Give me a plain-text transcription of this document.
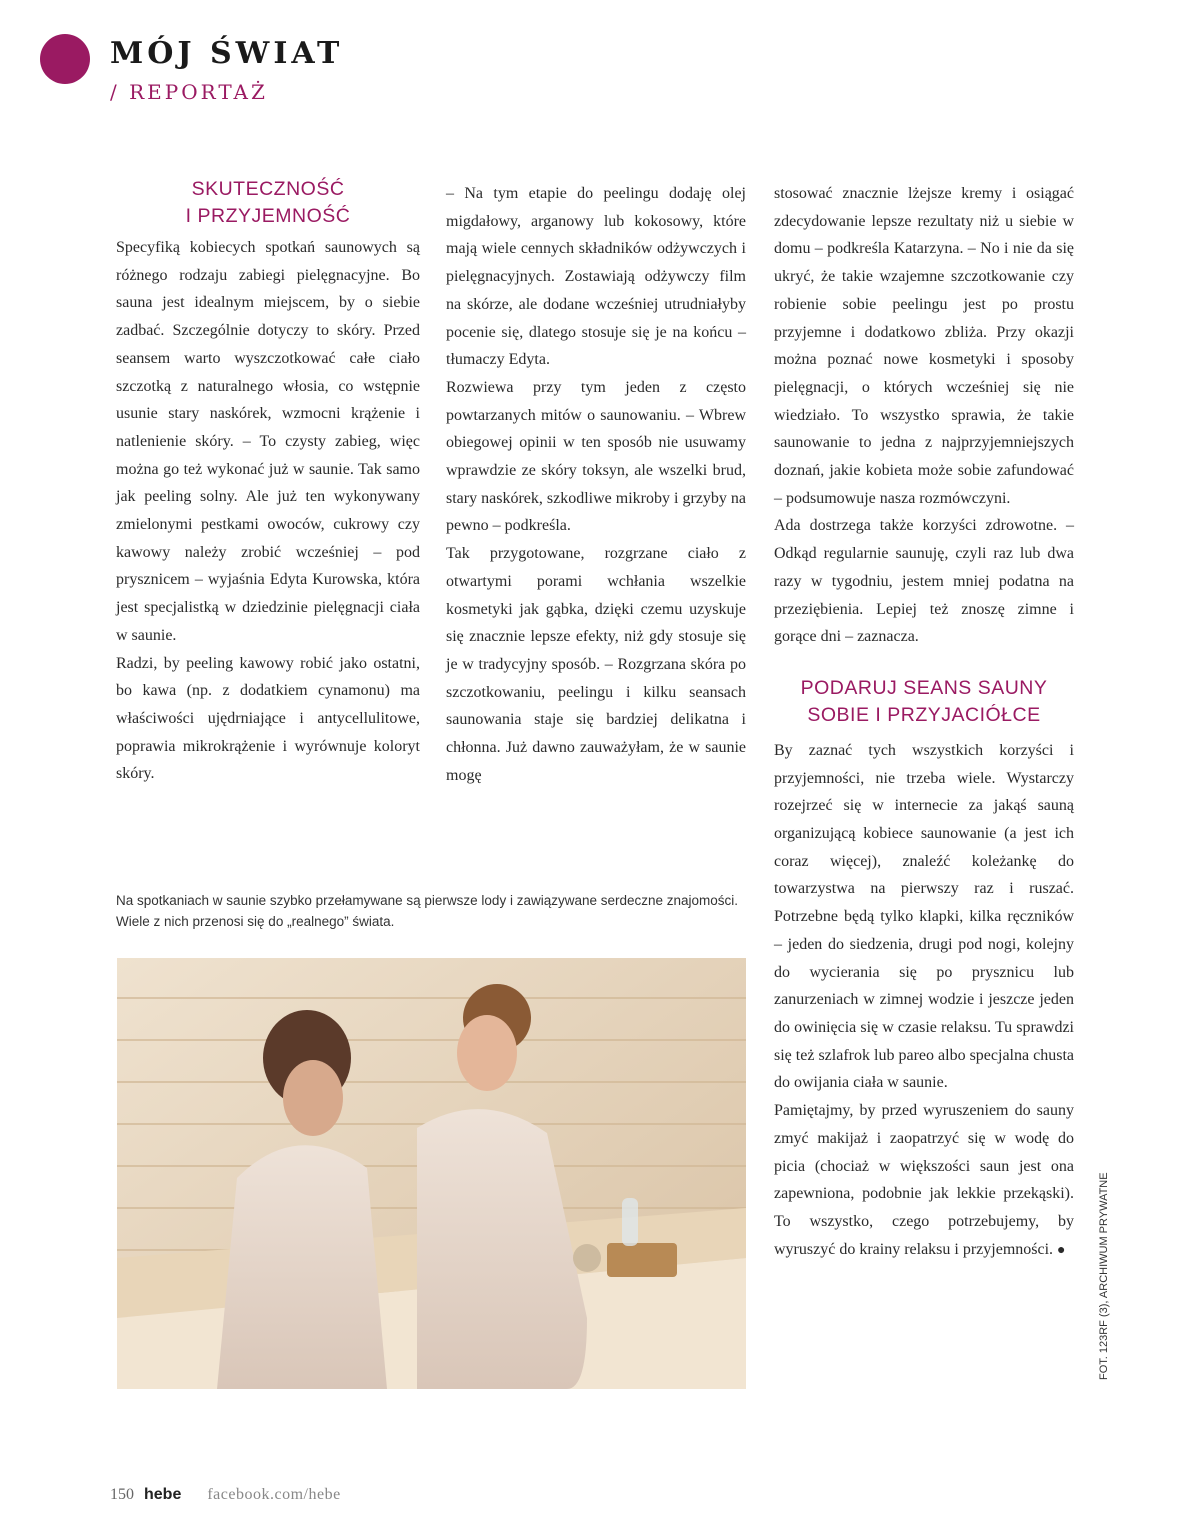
MÓJ ŚWIAT
/ REPORTAŻ
SKUTECZNOŚĆ
I PRZYJEMNOŚĆ

Specyfiką kobiecych spotkań saunowych są różnego rodzaju zabiegi pielęgnacyjne. Bo sauna jest idealnym miejscem, by o siebie zadbać. Szczególnie dotyczy to skóry. Przed seansem warto wyszczotkować całe ciało szczotką z naturalnego włosia, co wstępnie usunie stary naskórek, wzmocni krążenie i natlenienie skóry. – To czysty zabieg, więc można go też wykonać już w saunie. Tak samo jak peeling solny. Ale już ten wykonywany zmielonymi pestkami owoców, cukrowy czy kawowy należy zrobić wcześniej – pod prysznicem – wyjaśnia Edyta Kurowska, która jest specjalistką w dziedzinie pielęgnacji ciała w saunie.

Radzi, by peeling kawowy robić jako ostatni, bo kawa (np. z dodatkiem cynamonu) ma właściwości ujędrniające i antycellulitowe, poprawia mikrokrążenie i wyrównuje koloryt skóry.

– Na tym etapie do peelingu dodaję olej migdałowy, arganowy lub kokosowy, które mają wiele cennych składników odżywczych i pielęgnacyjnych. Zostawiają odżywczy film na skórze, ale dodane wcześniej utrudniałyby pocenie się, dlatego stosuje się je na końcu – tłumaczy Edyta.

Rozwiewa przy tym jeden z często powtarzanych mitów o saunowaniu. – Wbrew obiegowej opinii w ten sposób nie usuwamy wprawdzie ze skóry toksyn, ale wszelki brud, stary naskórek, szkodliwe mikroby i grzyby na pewno – podkreśla.

Tak przygotowane, rozgrzane ciało z otwartymi porami wchłania wszelkie kosmetyki jak gąbka, dzięki czemu uzyskuje się znacznie lepsze efekty, niż gdy stosuje się je w tradycyjny sposób. – Rozgrzana skóra po szczotkowaniu, peelingu i kilku seansach saunowania staje się bardziej delikatna i chłonna. Już dawno zauważyłam, że w saunie mogę

stosować znacznie lżejsze kremy i osiągać zdecydowanie lepsze rezultaty niż u siebie w domu – podkreśla Katarzyna. – No i nie da się ukryć, że takie wzajemne szczotkowanie czy robienie sobie peelingu jest po prostu przyjemne i dodatkowo zbliża. Przy okazji można poznać nowe kosmetyki i sposoby pielęgnacji, o których wcześniej się nie wiedziało. To wszystko sprawia, że takie saunowanie to jedna z najprzyjemniejszych doznań, jakie kobieta może sobie zafundować – podsumowuje nasza rozmówczyni.

Ada dostrzega także korzyści zdrowotne. – Odkąd regularnie saunuję, czyli raz lub dwa razy w tygodniu, jestem mniej podatna na przeziębienia. Lepiej też znoszę zimne i gorące dni – zaznacza.

PODARUJ SEANS SAUNY
SOBIE I PRZYJACIÓŁCE

By zaznać tych wszystkich korzyści i przyjemności, nie trzeba wiele. Wystarczy rozejrzeć się w internecie za jakąś sauną organizującą kobiece saunowanie (a jest ich coraz więcej), znaleźć koleżankę do towarzystwa na pierwszy raz i ruszać. Potrzebne będą tylko klapki, kilka ręczników – jeden do siedzenia, drugi pod nogi, kolejny do wycierania się po prysznicu lub zanurzeniach w zimnej wodzie i jeszcze jeden do owinięcia się w czasie relaksu. Tu sprawdzi się też szlafrok lub pareo albo specjalna chusta do owijania ciała w saunie.

Pamiętajmy, by przed wyruszeniem do sauny zmyć makijaż i zaopatrzyć się w wodę do picia (chociaż w większości saun jest ona zapewniona, podobnie jak lekkie przekąski). To wszystko, czego potrzebujemy, by wyruszyć do krainy relaksu i przyjemności. ●

Na spotkaniach w saunie szybko przełamywane są pierwsze lody i zawiązywane serdeczne znajomości. Wiele z nich przenosi się do „realnego” świata.
FOT. 123RF (3), ARCHIWUM PRYWATNE
150 hebe facebook.com/hebe
